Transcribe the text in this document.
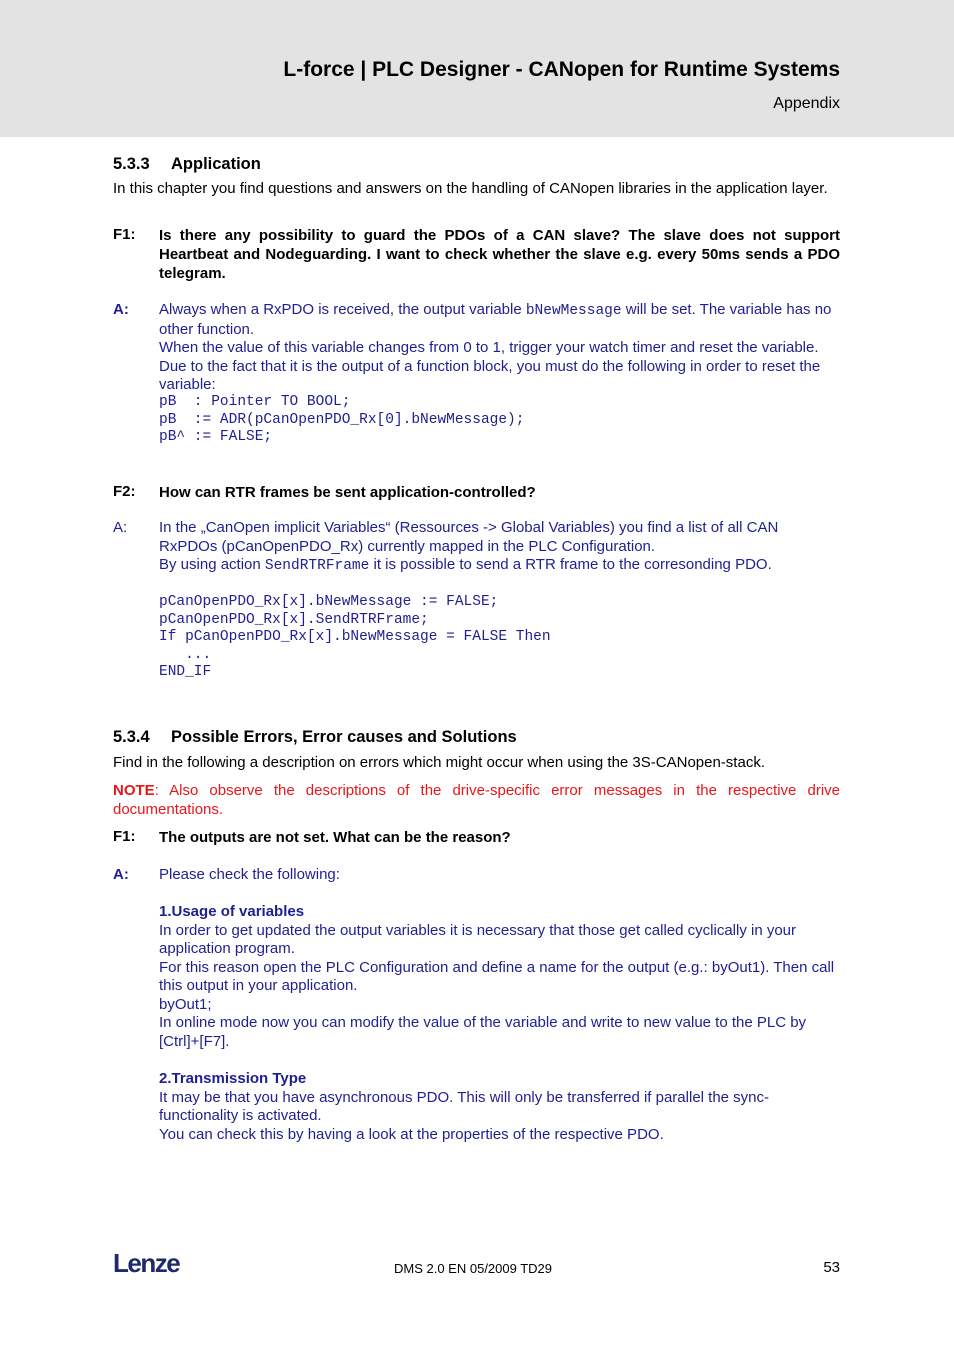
L-force | PLC Designer - CANopen for Runtime Systems
Appendix
5.3.3 Application
In this chapter you find questions and answers on the handling of CANopen libraries in the application layer.
F1: Is there any possibility to guard the PDOs of a CAN slave? The slave does not support Heartbeat and Nodeguarding. I want to check whether the slave e.g. every 50ms sends a PDO telegram.
A: Always when a RxPDO is received, the output variable bNewMessage will be set. The variable has no other function.
When the value of this variable changes from 0 to 1, trigger your watch timer and reset the variable. Due to the fact that it is the output of a function block, you must do the following in order to reset the variable:
pB  : Pointer TO BOOL;
pB  := ADR(pCanOpenPDO_Rx[0].bNewMessage);
pB^ := FALSE;
F2: How can RTR frames be sent application-controlled?
A: In the „CanOpen implicit Variables“ (Ressources -> Global Variables) you find a list of all CAN RxPDOs (pCanOpenPDO_Rx) currently mapped in the PLC Configuration.
By using action SendRTRFrame it is possible to send a RTR frame to the corresonding PDO.
pCanOpenPDO_Rx[x].bNewMessage := FALSE;
pCanOpenPDO_Rx[x].SendRTRFrame;
If pCanOpenPDO_Rx[x].bNewMessage = FALSE Then
...
END_IF
5.3.4 Possible Errors, Error causes and Solutions
Find in the following a description on errors which might occur when using the 3S-CANopen-stack.
NOTE: Also observe the descriptions of the drive-specific error messages in the respective drive documentations.
F1: The outputs are not set. What can be the reason?
A: Please check the following:
1.Usage of variables
In order to get updated the output variables it is necessary that those get called cyclically in your application program.
For this reason open the PLC Configuration and define a name for the output (e.g.: byOut1). Then call this output in your application.
byOut1;
In online mode now you can modify the value of the variable and write to new value to the PLC by [Ctrl]+[F7].
2.Transmission Type
It may be that you have asynchronous PDO. This will only be transferred if parallel the sync-functionality is activated.
You can check this by having a look at the properties of the respective PDO.
Lenze	DMS 2.0 EN 05/2009 TD29	53
